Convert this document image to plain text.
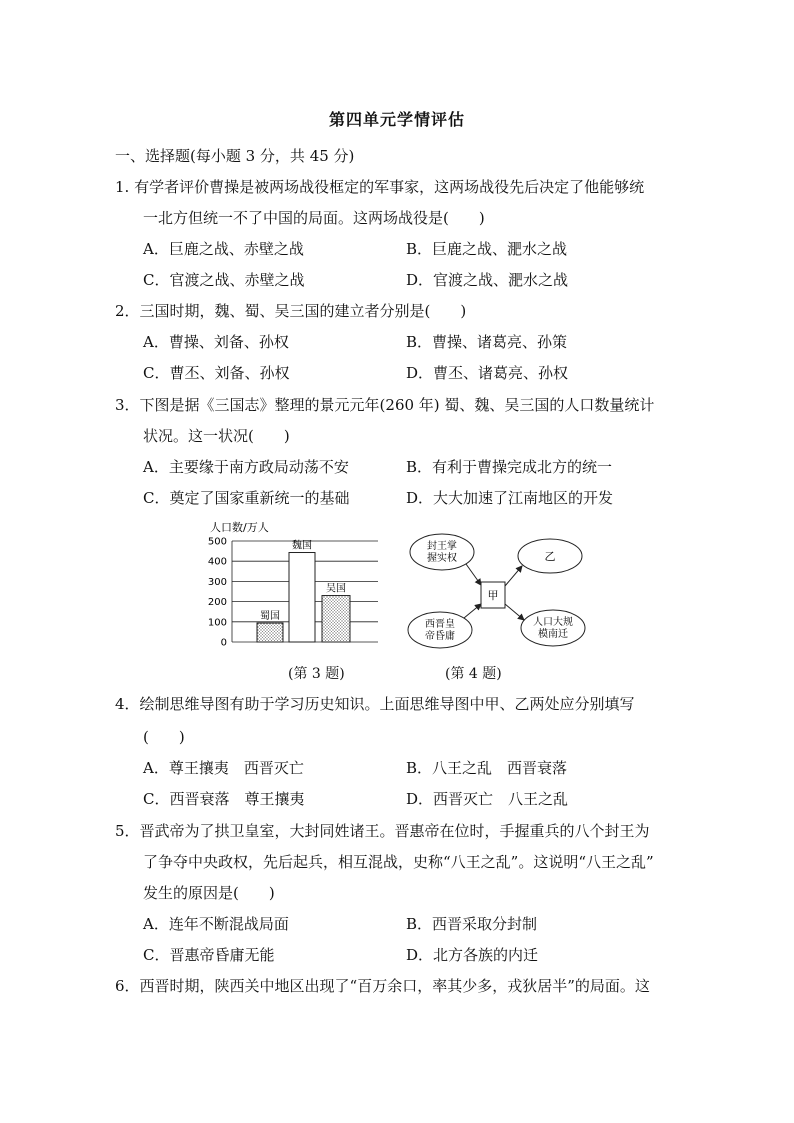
第四单元学情评估
一、选择题(每小题 3 分，共 45 分)
1. 有学者评价曹操是被两场战役框定的军事家，这两场战役先后决定了他能够统
一北方但统一不了中国的局面。这两场战役是(　　)
A．巨鹿之战、赤壁之战	B．巨鹿之战、淝水之战
C．官渡之战、赤壁之战	D．官渡之战、淝水之战
2．三国时期，魏、蜀、吴三国的建立者分别是(　　)
A．曹操、刘备、孙权	B．曹操、诸葛亮、孙策
C．曹丕、刘备、孙权	D．曹丕、诸葛亮、孙权
3．下图是据《三国志》整理的景元元年(260 年) 蜀、魏、吴三国的人口数量统计
状况。这一状况(　　)
A．主要缘于南方政局动荡不安	B．有利于曹操完成北方的统一
C．奠定了国家重新统一的基础	D．大大加速了江南地区的开发
人口数/万人
0
100
200
300
400
500
蜀国
魏国
吴国
(第 3 题)
封王掌
握实权
西晋皇
帝昏庸
甲
乙
人口大规
模南迁
(第 4 题)
4．绘制思维导图有助于学习历史知识。上面思维导图中甲、乙两处应分别填写
(　　)
A．尊王攘夷　西晋灭亡	B．八王之乱　西晋衰落
C．西晋衰落　尊王攘夷	D．西晋灭亡　八王之乱
5．晋武帝为了拱卫皇室，大封同姓诸王。晋惠帝在位时，手握重兵的八个封王为
了争夺中央政权，先后起兵，相互混战，史称“八王之乱”。这说明“八王之乱”
发生的原因是(　　)
A．连年不断混战局面	B．西晋采取分封制
C．晋惠帝昏庸无能	D．北方各族的内迁
6．西晋时期，陕西关中地区出现了“百万余口，率其少多，戎狄居半”的局面。这
